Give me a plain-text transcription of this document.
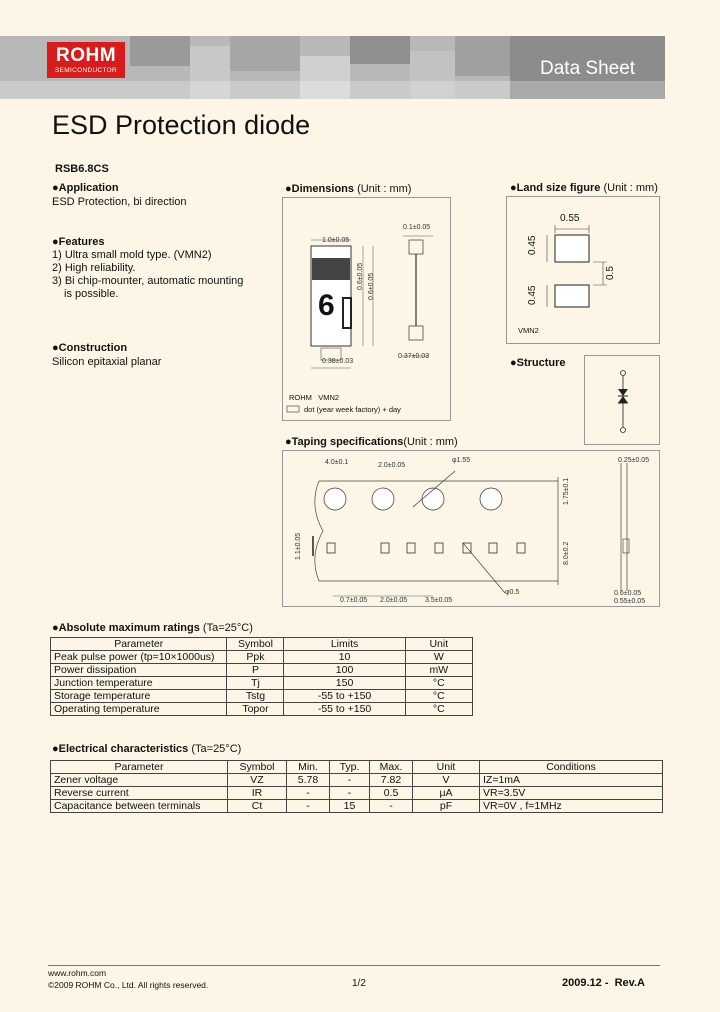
ROHM
SEMICONDUCTOR	Data Sheet
ESD Protection diode
RSB6.8CS
●Application
ESD Protection, bi direction
●Features
1) Ultra small mold type. (VMN2)
2) High reliability.
3) Bi chip-mounter, automatic mounting
is possible.
●Construction
Silicon epitaxial planar
●Dimensions (Unit : mm)
1.0±0.05
0.1±0.05
0.6±0.05 0.6±0.05
0.38±0.03
0.37±0.03
6
ROHM VMN2
dot (year week factory) + day
●Land size figure (Unit : mm)
0.55
0.45
0.45
0.5
VMN2
●Structure
●Taping specifications(Unit : mm)
4.0±0.1	2.0±0.05
φ1.55	0.25±0.05
1.75±0.1
8.0±0.2
1.1±0.05
0.7±0.05 2.0±0.05	3.5±0.05
φ0.5	0.6±0.05
0.55±0.05
●Absolute maximum ratings (Ta=25°C)
Parameter	Symbol	Limits	Unit
Peak pulse power (tp=10×1000us)	Ppk	10	W
Power dissipation	P	100	mW
Junction temperature	Tj	150	°C
Storage temperature	Tstg	-55 to +150	°C
Operating temperature	Topor	-55 to +150	°C
●Electrical characteristics (Ta=25°C)
Parameter	Symbol	Min.	Typ.	Max.	Unit	Conditions
Zener voltage	VZ	5.78	-	7.82	V	IZ=1mA
Reverse current	IR	-	-	0.5	μA	VR=3.5V
Capacitance between terminals	Ct	-	15	-	pF	VR=0V , f=1MHz
www.rohm.com
©2009 ROHM Co., Ltd. All rights reserved.	1/2	2009.12 - Rev.A
